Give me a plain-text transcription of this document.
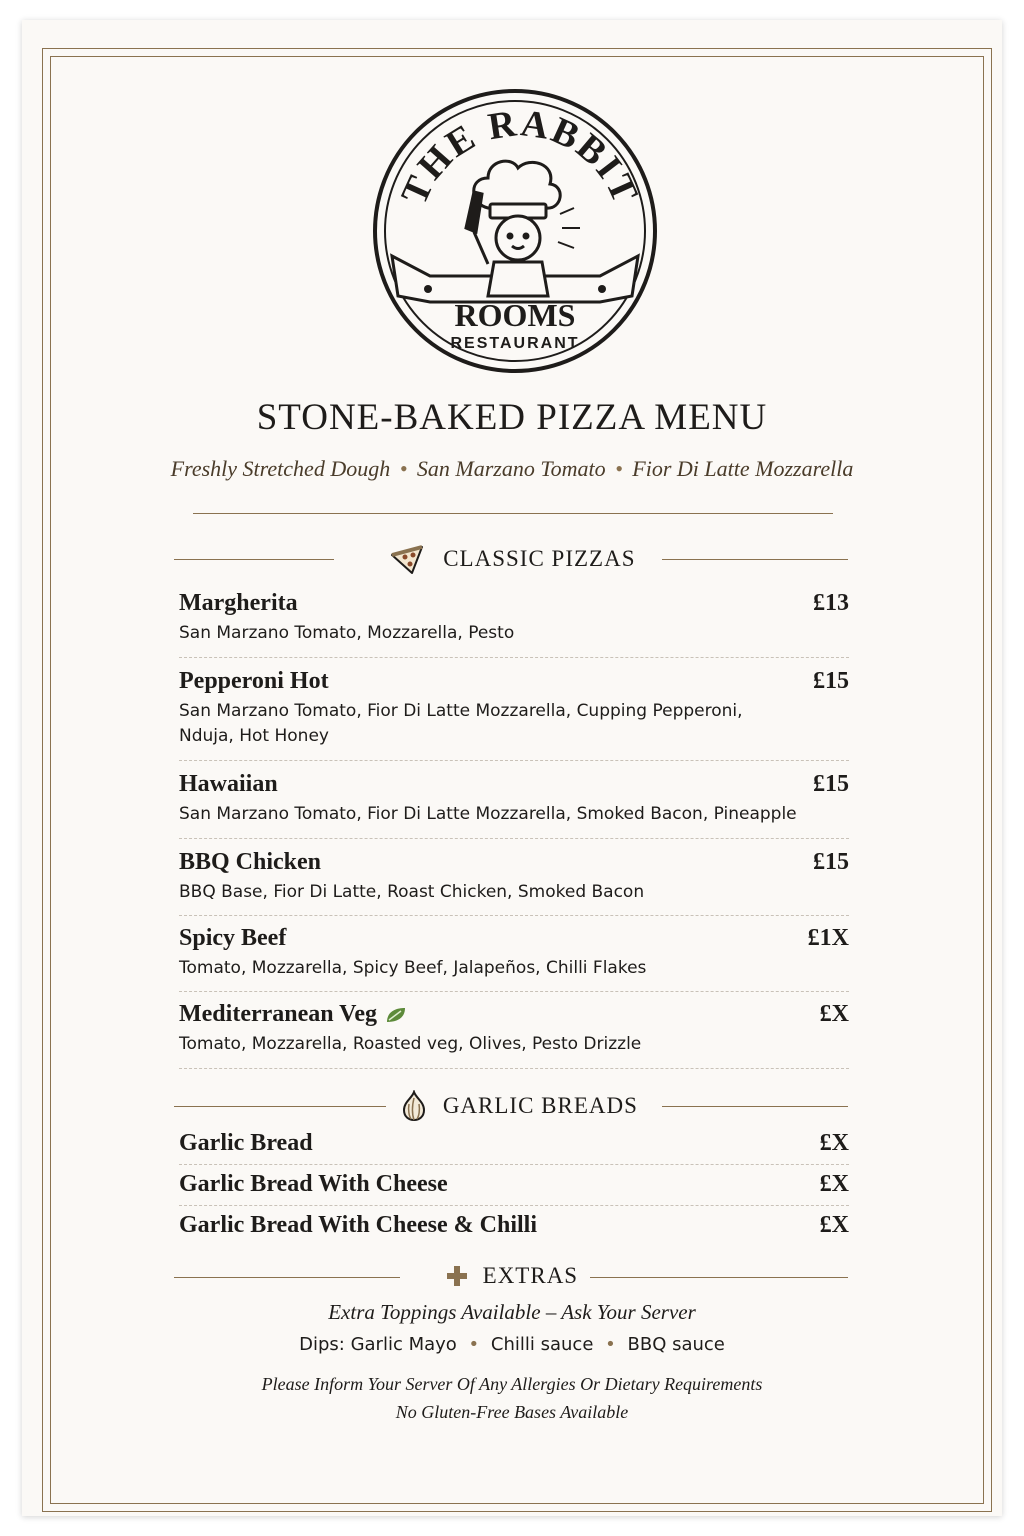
THE RABBIT
ROOMS
RESTAURANT
STONE-BAKED PIZZA MENU
Freshly Stretched Dough • San Marzano Tomato • Fior Di Latte Mozzarella
CLASSIC PIZZAS
Margherita	£13
San Marzano Tomato, Mozzarella, Pesto
Pepperoni Hot	£15
San Marzano Tomato, Fior Di Latte Mozzarella, Cupping Pepperoni, Nduja, Hot Honey
Hawaiian	£15
San Marzano Tomato, Fior Di Latte Mozzarella, Smoked Bacon, Pineapple
BBQ Chicken	£15
BBQ Base, Fior Di Latte, Roast Chicken, Smoked Bacon
Spicy Beef	£1X
Tomato, Mozzarella, Spicy Beef, Jalapeños, Chilli Flakes
Mediterranean Veg	£X
Tomato, Mozzarella, Roasted veg, Olives, Pesto Drizzle
GARLIC BREADS
Garlic Bread	£X
Garlic Bread With Cheese	£X
Garlic Bread With Cheese & Chilli	£X
EXTRAS
Extra Toppings Available – Ask Your Server
Dips: Garlic Mayo • Chilli sauce • BBQ sauce
Please Inform Your Server Of Any Allergies Or Dietary Requirements
No Gluten-Free Bases Available
